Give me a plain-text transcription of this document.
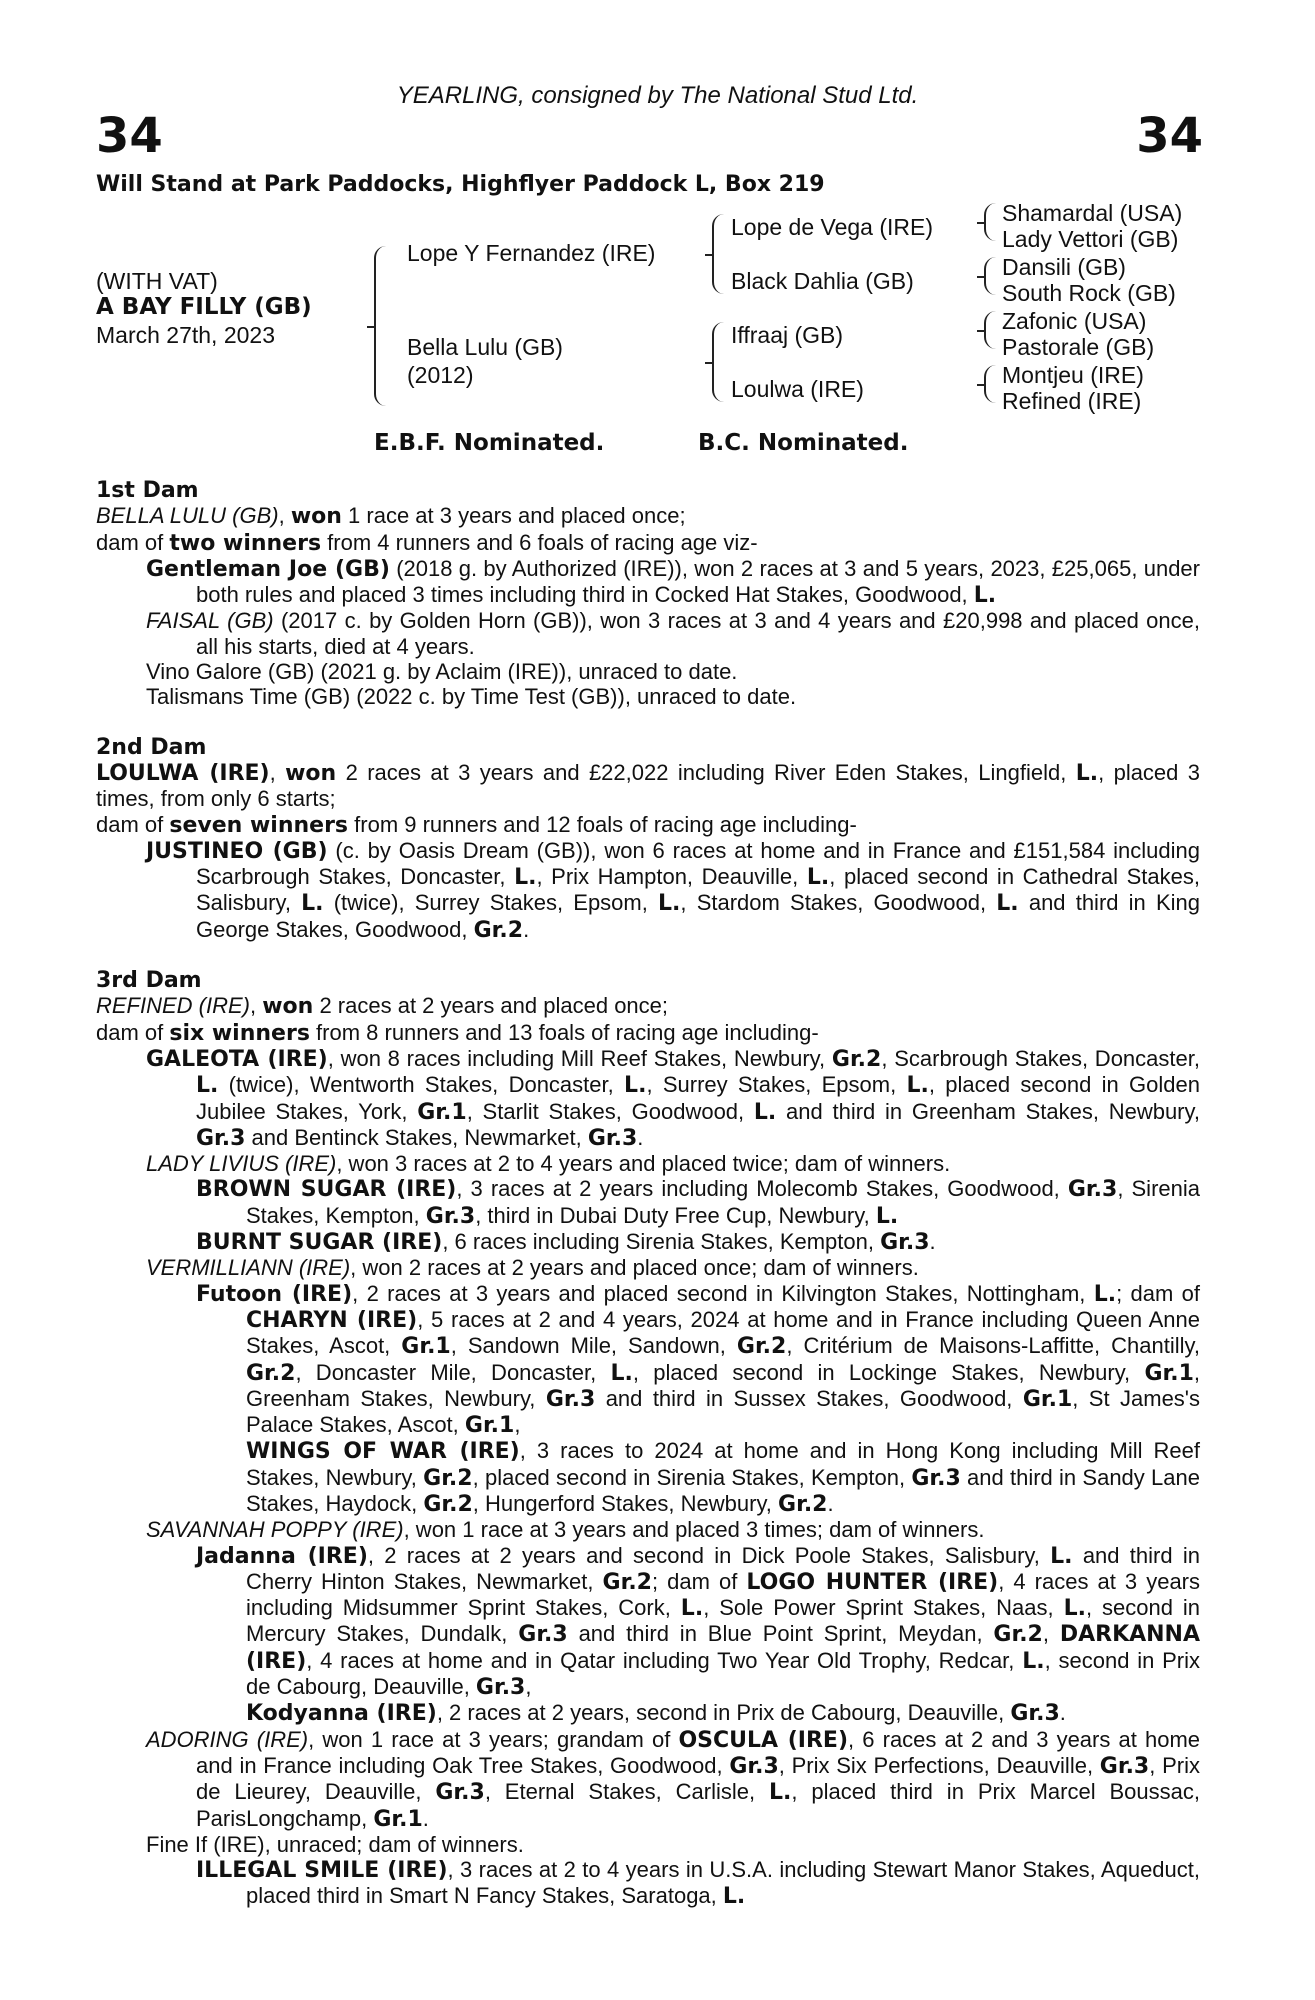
YEARLING, consigned by The National Stud Ltd.
34	34
Will Stand at Park Paddocks, Highflyer Paddock L, Box 219
(WITH VAT)
A BAY FILLY (GB)
March 27th, 2023
Lope Y Fernandez (IRE)
Bella Lulu (GB)
(2012)
Lope de Vega (IRE)
Black Dahlia (GB)
Iffraaj (GB)
Loulwa (IRE)
Shamardal (USA)
Lady Vettori (GB)
Dansili (GB)
South Rock (GB)
Zafonic (USA)
Pastorale (GB)
Montjeu (IRE)
Refined (IRE)
E.B.F. Nominated.	B.C. Nominated.

1st Dam

BELLA LULU (GB), won 1 race at 3 years and placed once;

dam of two winners from 4 runners and 6 foals of racing age viz-

Gentleman Joe (GB) (2018 g. by Authorized (IRE)), won 2 races at 3 and 5 years, 2023, £25,065, under both rules and placed 3 times including third in Cocked Hat Stakes, Goodwood, L.

FAISAL (GB) (2017 c. by Golden Horn (GB)), won 3 races at 3 and 4 years and £20,998 and placed once, all his starts, died at 4 years.

Vino Galore (GB) (2021 g. by Aclaim (IRE)), unraced to date.

Talismans Time (GB) (2022 c. by Time Test (GB)), unraced to date.

2nd Dam

LOULWA (IRE), won 2 races at 3 years and £22,022 including River Eden Stakes, Lingfield, L., placed 3 times, from only 6 starts;

dam of seven winners from 9 runners and 12 foals of racing age including-

JUSTINEO (GB) (c. by Oasis Dream (GB)), won 6 races at home and in France and £151,584 including Scarbrough Stakes, Doncaster, L., Prix Hampton, Deauville, L., placed second in Cathedral Stakes, Salisbury, L. (twice), Surrey Stakes, Epsom, L., Stardom Stakes, Goodwood, L. and third in King George Stakes, Goodwood, Gr.2.

3rd Dam

REFINED (IRE), won 2 races at 2 years and placed once;

dam of six winners from 8 runners and 13 foals of racing age including-

GALEOTA (IRE), won 8 races including Mill Reef Stakes, Newbury, Gr.2, Scarbrough Stakes, Doncaster, L. (twice), Wentworth Stakes, Doncaster, L., Surrey Stakes, Epsom, L., placed second in Golden Jubilee Stakes, York, Gr.1, Starlit Stakes, Goodwood, L. and third in Greenham Stakes, Newbury, Gr.3 and Bentinck Stakes, Newmarket, Gr.3.

LADY LIVIUS (IRE), won 3 races at 2 to 4 years and placed twice; dam of winners.

BROWN SUGAR (IRE), 3 races at 2 years including Molecomb Stakes, Goodwood, Gr.3, Sirenia Stakes, Kempton, Gr.3, third in Dubai Duty Free Cup, Newbury, L.

BURNT SUGAR (IRE), 6 races including Sirenia Stakes, Kempton, Gr.3.

VERMILLIANN (IRE), won 2 races at 2 years and placed once; dam of winners.

Futoon (IRE), 2 races at 3 years and placed second in Kilvington Stakes, Nottingham, L.; dam of CHARYN (IRE), 5 races at 2 and 4 years, 2024 at home and in France including Queen Anne Stakes, Ascot, Gr.1, Sandown Mile, Sandown, Gr.2, Critérium de Maisons-Laffitte, Chantilly, Gr.2, Doncaster Mile, Doncaster, L., placed second in Lockinge Stakes, Newbury, Gr.1, Greenham Stakes, Newbury, Gr.3 and third in Sussex Stakes, Goodwood, Gr.1, St James's Palace Stakes, Ascot, Gr.1,

WINGS OF WAR (IRE), 3 races to 2024 at home and in Hong Kong including Mill Reef Stakes, Newbury, Gr.2, placed second in Sirenia Stakes, Kempton, Gr.3 and third in Sandy Lane Stakes, Haydock, Gr.2, Hungerford Stakes, Newbury, Gr.2.

SAVANNAH POPPY (IRE), won 1 race at 3 years and placed 3 times; dam of winners.

Jadanna (IRE), 2 races at 2 years and second in Dick Poole Stakes, Salisbury, L. and third in Cherry Hinton Stakes, Newmarket, Gr.2; dam of LOGO HUNTER (IRE), 4 races at 3 years including Midsummer Sprint Stakes, Cork, L., Sole Power Sprint Stakes, Naas, L., second in Mercury Stakes, Dundalk, Gr.3 and third in Blue Point Sprint, Meydan, Gr.2, DARKANNA (IRE), 4 races at home and in Qatar including Two Year Old Trophy, Redcar, L., second in Prix de Cabourg, Deauville, Gr.3,

Kodyanna (IRE), 2 races at 2 years, second in Prix de Cabourg, Deauville, Gr.3.

ADORING (IRE), won 1 race at 3 years; grandam of OSCULA (IRE), 6 races at 2 and 3 years at home and in France including Oak Tree Stakes, Goodwood, Gr.3, Prix Six Perfections, Deauville, Gr.3, Prix de Lieurey, Deauville, Gr.3, Eternal Stakes, Carlisle, L., placed third in Prix Marcel Boussac, ParisLongchamp, Gr.1.

Fine If (IRE), unraced; dam of winners.

ILLEGAL SMILE (IRE), 3 races at 2 to 4 years in U.S.A. including Stewart Manor Stakes, Aqueduct, placed third in Smart N Fancy Stakes, Saratoga, L.
